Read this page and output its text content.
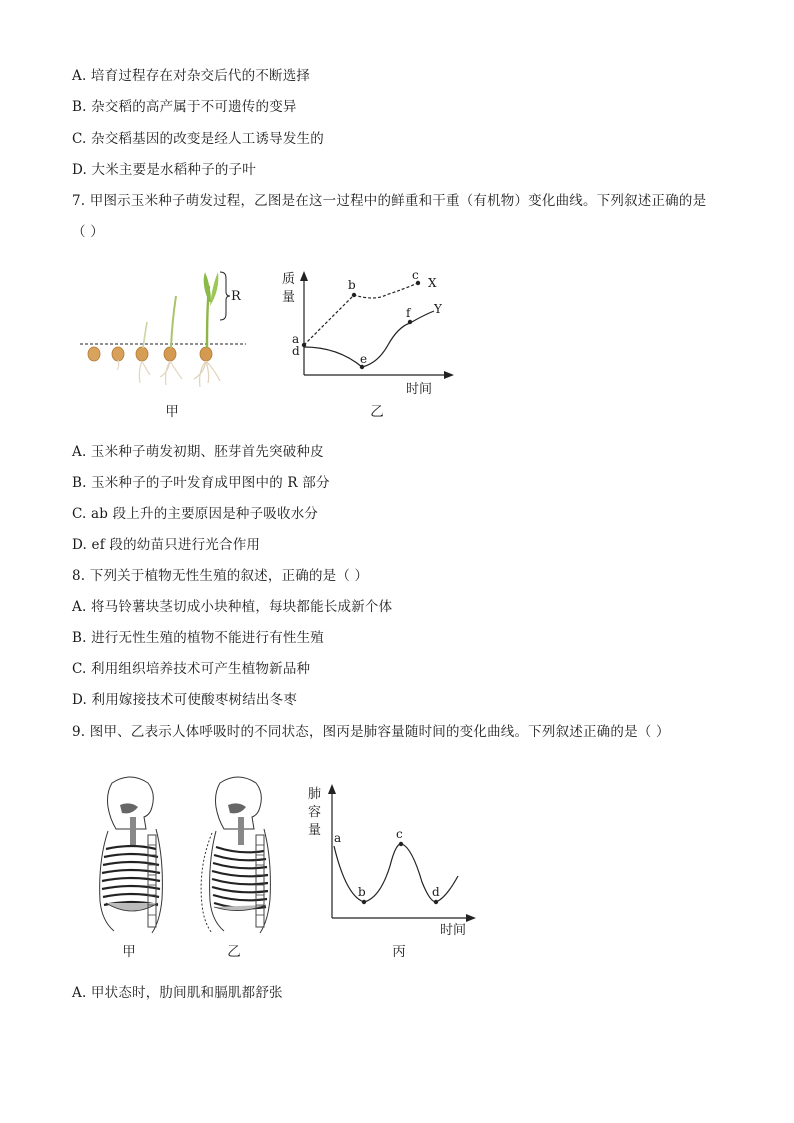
A. 培育过程存在对杂交后代的不断选择
B. 杂交稻的高产属于不可遗传的变异
C. 杂交稻基因的改变是经人工诱导发生的
D. 大米主要是水稻种子的子叶
7. 甲图示玉米种子萌发过程，乙图是在这一过程中的鲜重和干重（有机物）变化曲线。下列叙述正确的是
（ ）
R
甲
质
量
时间
a
d
b
c
X
e
f Y
乙
A. 玉米种子萌发初期、胚芽首先突破种皮
B. 玉米种子的子叶发育成甲图中的 R 部分
C. ab 段上升的主要原因是种子吸收水分
D. ef 段的幼苗只进行光合作用
8. 下列关于植物无性生殖的叙述，正确的是（ ）
A. 将马铃薯块茎切成小块种植，每块都能长成新个体
B. 进行无性生殖的植物不能进行有性生殖
C. 利用组织培养技术可产生植物新品种
D. 利用嫁接技术可使酸枣树结出冬枣
9. 图甲、乙表示人体呼吸时的不同状态，图丙是肺容量随时间的变化曲线。下列叙述正确的是（ ）
甲	乙
肺
容
量
时间
a
b
c
d
丙
A. 甲状态时，肋间肌和膈肌都舒张
